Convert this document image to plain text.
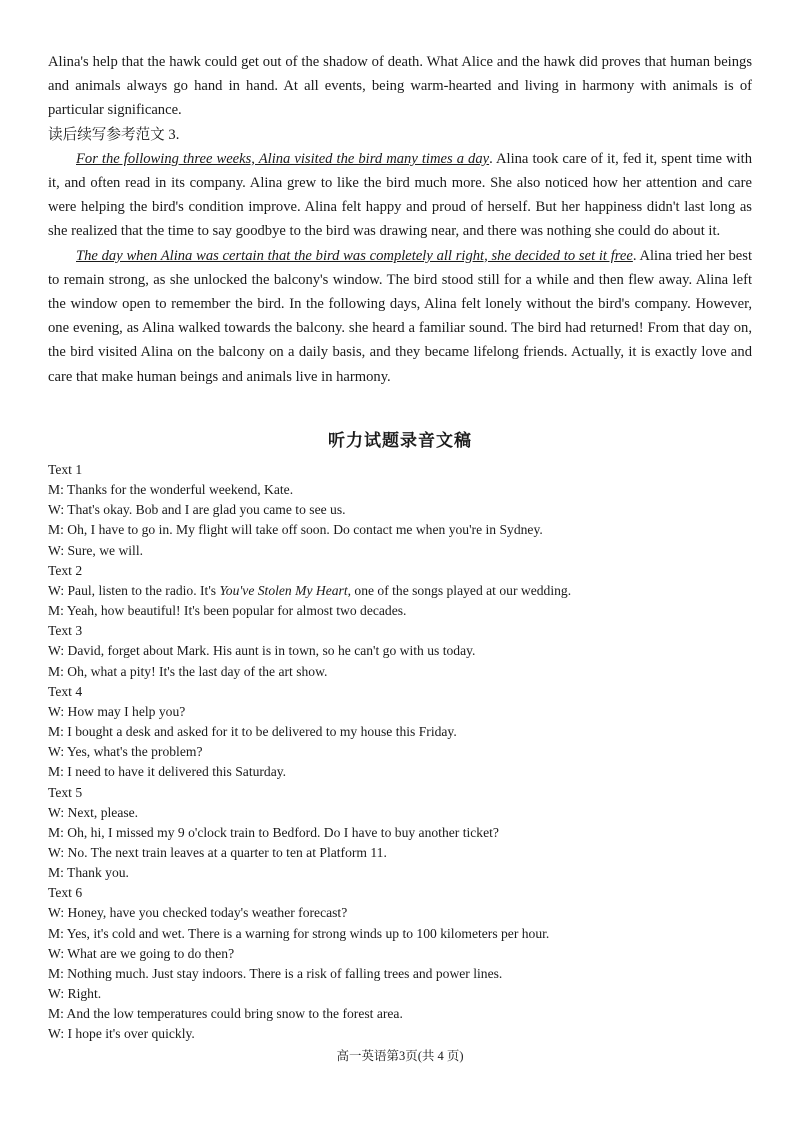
Alina's help that the hawk could get out of the shadow of death. What Alice and the hawk did proves that human beings and animals always go hand in hand. At all events, being warm-hearted and living in harmony with animals is of particular significance.

读后续写参考范文 3.

For the following three weeks, Alina visited the bird many times a day. Alina took care of it, fed it, spent time with it, and often read in its company. Alina grew to like the bird much more. She also noticed how her attention and care were helping the bird's condition improve. Alina felt happy and proud of herself. But her happiness didn't last long as she realized that the time to say goodbye to the bird was drawing near, and there was nothing she could do about it.

The day when Alina was certain that the bird was completely all right, she decided to set it free. Alina tried her best to remain strong, as she unlocked the balcony's window. The bird stood still for a while and then flew away. Alina left the window open to remember the bird. In the following days, Alina felt lonely without the bird's company. However, one evening, as Alina walked towards the balcony. she heard a familiar sound. The bird had returned! From that day on, the bird visited Alina on the balcony on a daily basis, and they became lifelong friends. Actually, it is exactly love and care that make human beings and animals live in harmony.

听力试题录音文稿
Text 1
M: Thanks for the wonderful weekend, Kate.
W: That's okay. Bob and I are glad you came to see us.
M: Oh, I have to go in. My flight will take off soon. Do contact me when you're in Sydney.
W: Sure, we will.
Text 2
W: Paul, listen to the radio. It's You've Stolen My Heart, one of the songs played at our wedding.
M: Yeah, how beautiful! It's been popular for almost two decades.
Text 3
W: David, forget about Mark. His aunt is in town, so he can't go with us today.
M: Oh, what a pity! It's the last day of the art show.
Text 4
W: How may I help you?
M: I bought a desk and asked for it to be delivered to my house this Friday.
W: Yes, what's the problem?
M: I need to have it delivered this Saturday.
Text 5
W: Next, please.
M: Oh, hi, I missed my 9 o'clock train to Bedford. Do I have to buy another ticket?
W: No. The next train leaves at a quarter to ten at Platform 11.
M: Thank you.
Text 6
W: Honey, have you checked today's weather forecast?
M: Yes, it's cold and wet. There is a warning for strong winds up to 100 kilometers per hour.
W: What are we going to do then?
M: Nothing much. Just stay indoors. There is a risk of falling trees and power lines.
W: Right.
M: And the low temperatures could bring snow to the forest area.
W: I hope it's over quickly.
高一英语第3页(共 4 页)
